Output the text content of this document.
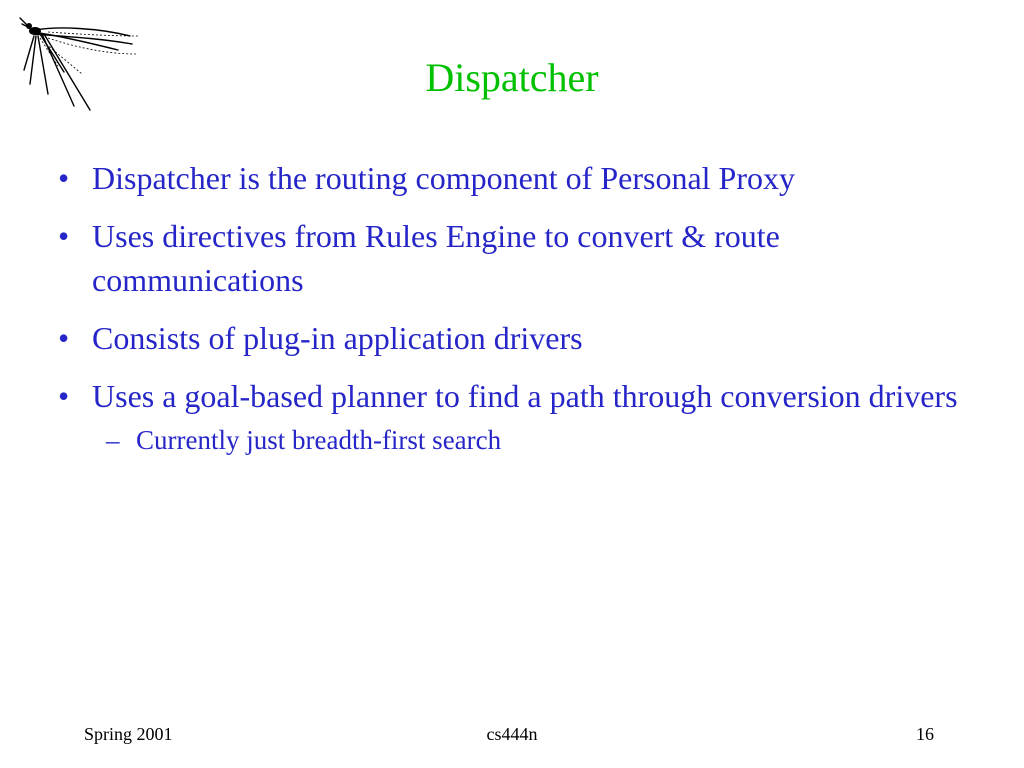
Dispatcher
• Dispatcher is the routing component of Personal Proxy
• Uses directives from Rules Engine to convert & route communications
• Consists of plug-in application drivers
• Uses a goal-based planner to find a path through conversion drivers
– Currently just breadth-first search
Spring 2001	cs444n	16
